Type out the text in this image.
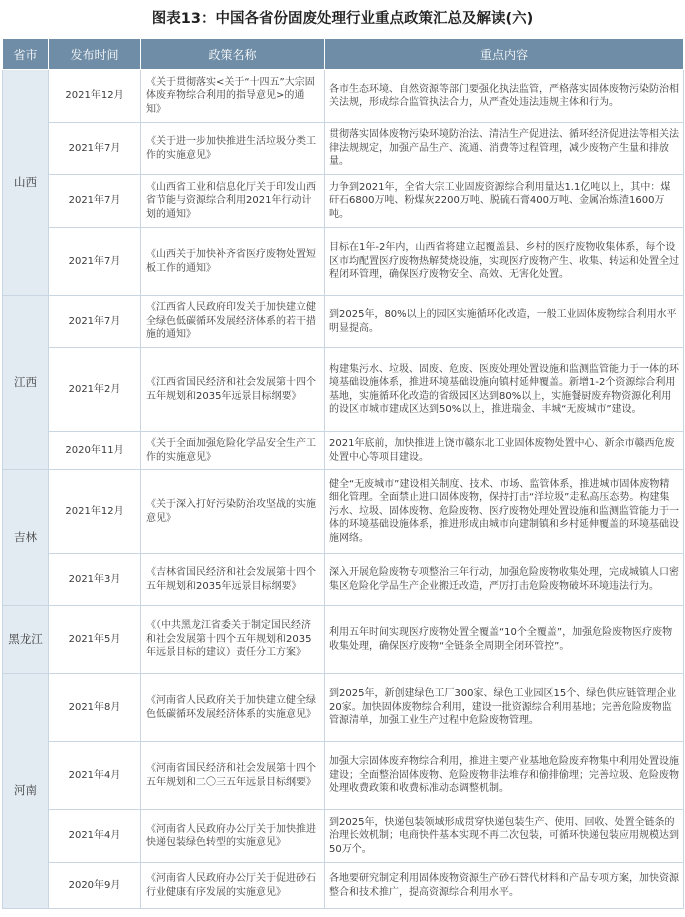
图表13：中国各省份固废处理行业重点政策汇总及解读(六)
省市	发布时间	政策名称	重点内容
山西	2021年12月	《关于贯彻落实<关于“十四五”大宗固体废弃物综合利用的指导意见>的通知》	各市生态环境、自然资源等部门要强化执法监管，严格落实固体废物污染防治相关法规，形成综合监管执法合力，从严查处违法违规主体和行为。
	2021年7月	《关于进一步加快推进生活垃圾分类工作的实施意见》	贯彻落实固体废物污染环境防治法、清洁生产促进法、循环经济促进法等相关法律法规规定，加强产品生产、流通、消费等过程管理，减少废物产生量和排放量。
	2021年7月	《山西省工业和信息化厅关于印发山西省节能与资源综合利用2021年行动计划的通知》	力争到2021年，全省大宗工业固废资源综合利用量达1.1亿吨以上，其中：煤矸石6800万吨、粉煤灰2200万吨、脱硫石膏400万吨、金属冶炼渣1600万吨。
	2021年7月	《山西关于加快补齐省医疗废物处置短板工作的通知》	目标在1年-2年内，山西省将建立起覆盖县、乡村的医疗废物收集体系，每个设区市均配置医疗废物热解焚烧设施，实现医疗废物产生、收集、转运和处置全过程闭环管理，确保医疗废物安全、高效、无害化处置。
江西	2021年7月	《江西省人民政府印发关于加快建立健全绿色低碳循环发展经济体系的若干措施的通知》	到2025年，80%以上的园区实施循环化改造，一般工业固体废物综合利用水平明显提高。
	2021年2月	《江西省国民经济和社会发展第十四个五年规划和2035年远景目标纲要》	构建集污水、垃圾、固废、危废、医废处理处置设施和监测监管能力于一体的环境基础设施体系，推进环境基础设施向镇村延伸覆盖。新增1-2个资源综合利用基地，实施循环化改造的省级园区达到80%以上，实施餐厨废弃物资源化利用的设区市城市建成区达到50%以上，推进瑞金、丰城“无废城市”建设。
	2020年11月	《关于全面加强危险化学品安全生产工作的实施意见》	2021年底前，加快推进上饶市赣东北工业固体废物处置中心、新余市赣西危废处置中心等项目建设。
吉林	2021年12月	《关于深入打好污染防治攻坚战的实施意见》	健全“无废城市”建设相关制度、技术、市场、监管体系，推进城市固体废物精细化管理。全面禁止进口固体废物，保持打击“洋垃圾”走私高压态势。构建集污水、垃圾、固体废物、危险废物、医疗废物处理处置设施和监测监管能力于一体的环境基础设施体系，推进形成由城市向建制镇和乡村延伸覆盖的环境基础设施网络。
	2021年3月	《吉林省国民经济和社会发展第十四个五年规划和2035年远景目标纲要》	深入开展危险废物专项整治三年行动，加强危险废物收集处理，完成城镇人口密集区危险化学品生产企业搬迁改造，严厉打击危险废物破坏环境违法行为。
黑龙江	2021年5月	《（中共黑龙江省委关于制定国民经济和社会发展第十四个五年规划和2035年远景目标的建议）责任分工方案》	利用五年时间实现医疗废物处置全覆盖“10个全覆盖”，加强危险废物医疗废物收集处理，确保医疗废物“全链条全周期全闭环管控”。
河南	2021年8月	《河南省人民政府关于加快建立健全绿色低碳循环发展经济体系的实施意见》	到2025年，新创建绿色工厂300家、绿色工业园区15个、绿色供应链管理企业20家。加快固体废物综合利用，建设一批资源综合利用基地；完善危险废物监管源清单，加强工业生产过程中危险废物管理。
	2021年4月	《河南省国民经济和社会发展第十四个五年规划和二〇三五年远景目标纲要》	加强大宗固体废弃物综合利用，推进主要产业基地危险废弃物集中利用处置设施建设；全面整治固体废物、危险废物非法堆存和偷排偷埋；完善垃圾、危险废物处理收费政策和收费标准动态调整机制。
	2021年4月	《河南省人民政府办公厅关于加快推进快递包装绿色转型的实施意见》	到2025年，快递包装领域形成贯穿快递包装生产、使用、回收、处置全链条的治理长效机制；电商快件基本实现不再二次包装，可循环快递包装应用规模达到50万个。
	2020年9月	《河南省人民政府办公厅关于促进砂石行业健康有序发展的实施意见》	各地要研究制定利用固体废物资源生产砂石替代材料和产品专项方案，加快资源整合和技术推广，提高资源综合利用水平。
